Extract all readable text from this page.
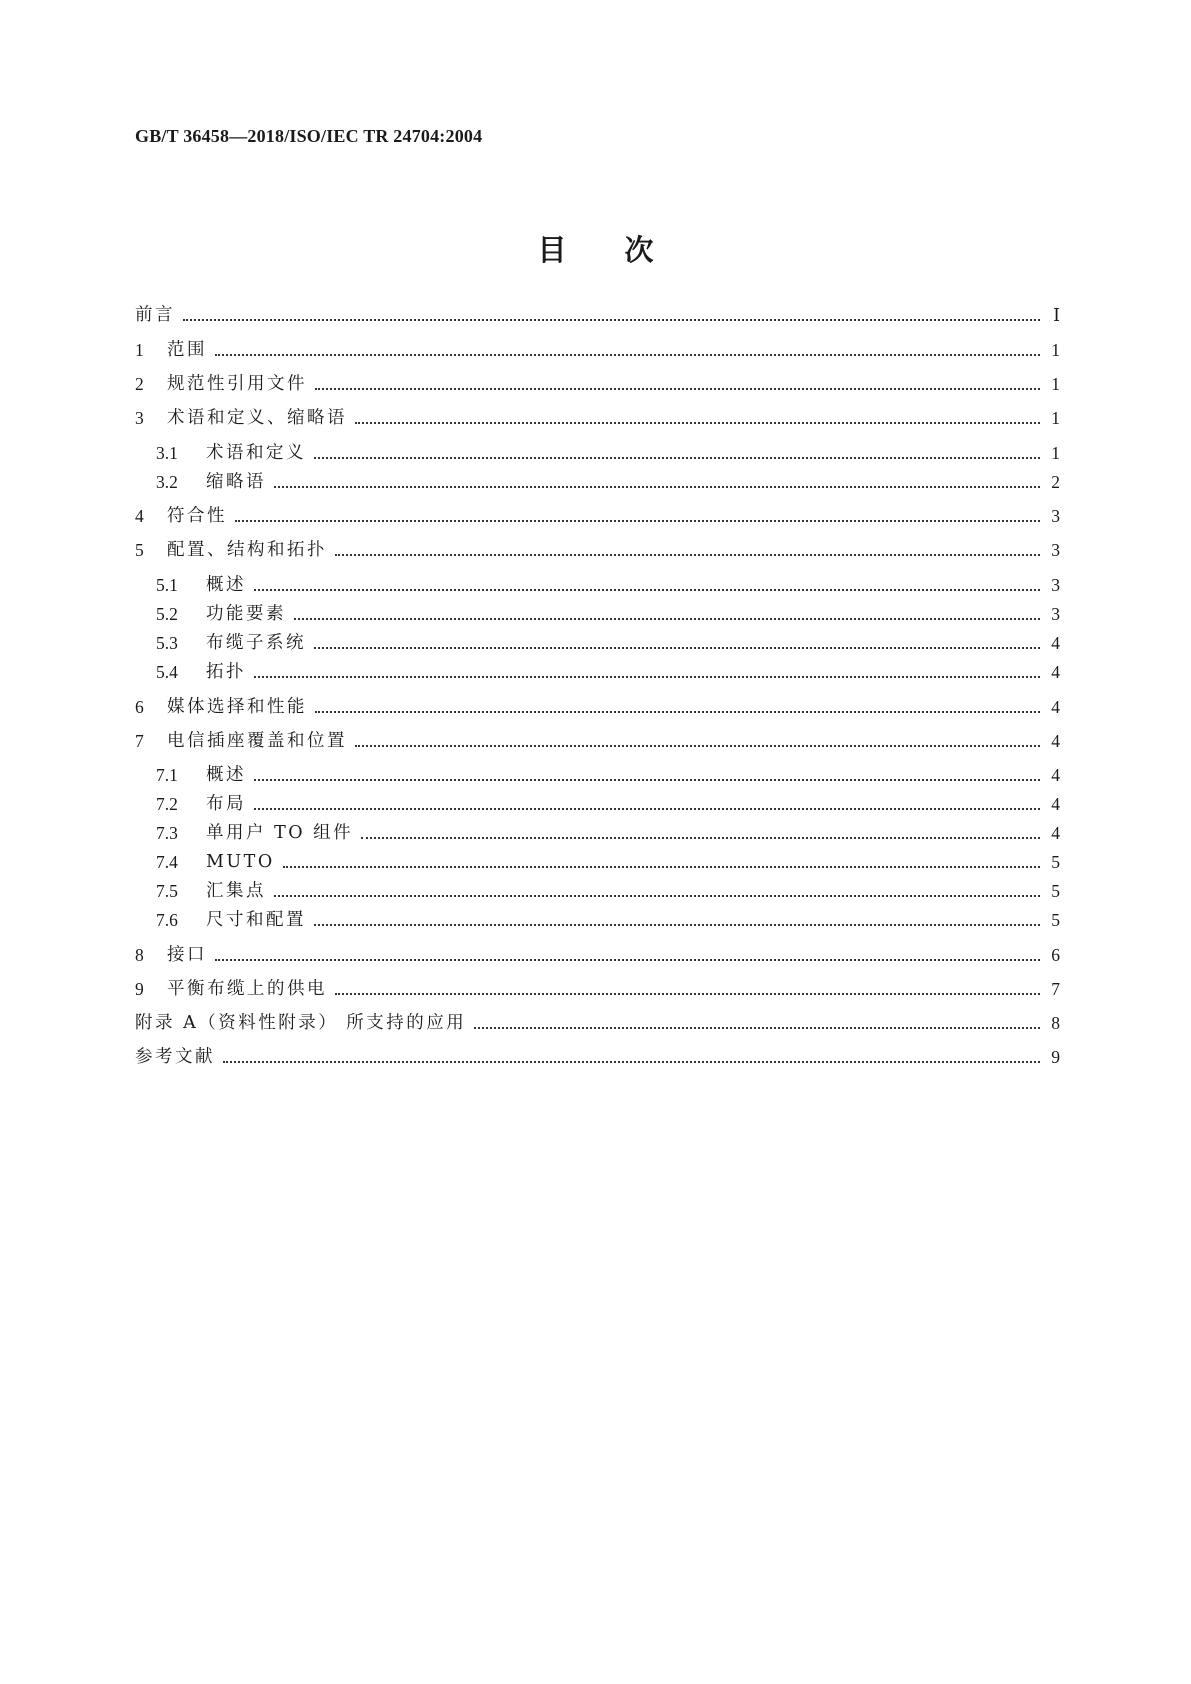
GB/T 36458—2018/ISO/IEC TR 24704:2004
目次
前言	Ⅰ
1	范围	1
2	规范性引用文件	1
3	术语和定义、缩略语	1
3.1	术语和定义	1
3.2	缩略语	2
4	符合性	3
5	配置、结构和拓扑	3
5.1	概述	3
5.2	功能要素	3
5.3	布缆子系统	4
5.4	拓扑	4
6	媒体选择和性能	4
7	电信插座覆盖和位置	4
7.1	概述	4
7.2	布局	4
7.3	单用户 TO 组件	4
7.4	MUTO	5
7.5	汇集点	5
7.6	尺寸和配置	5
8	接口	6
9	平衡布缆上的供电	7
附录 A（资料性附录） 所支持的应用	8
参考文献	9
